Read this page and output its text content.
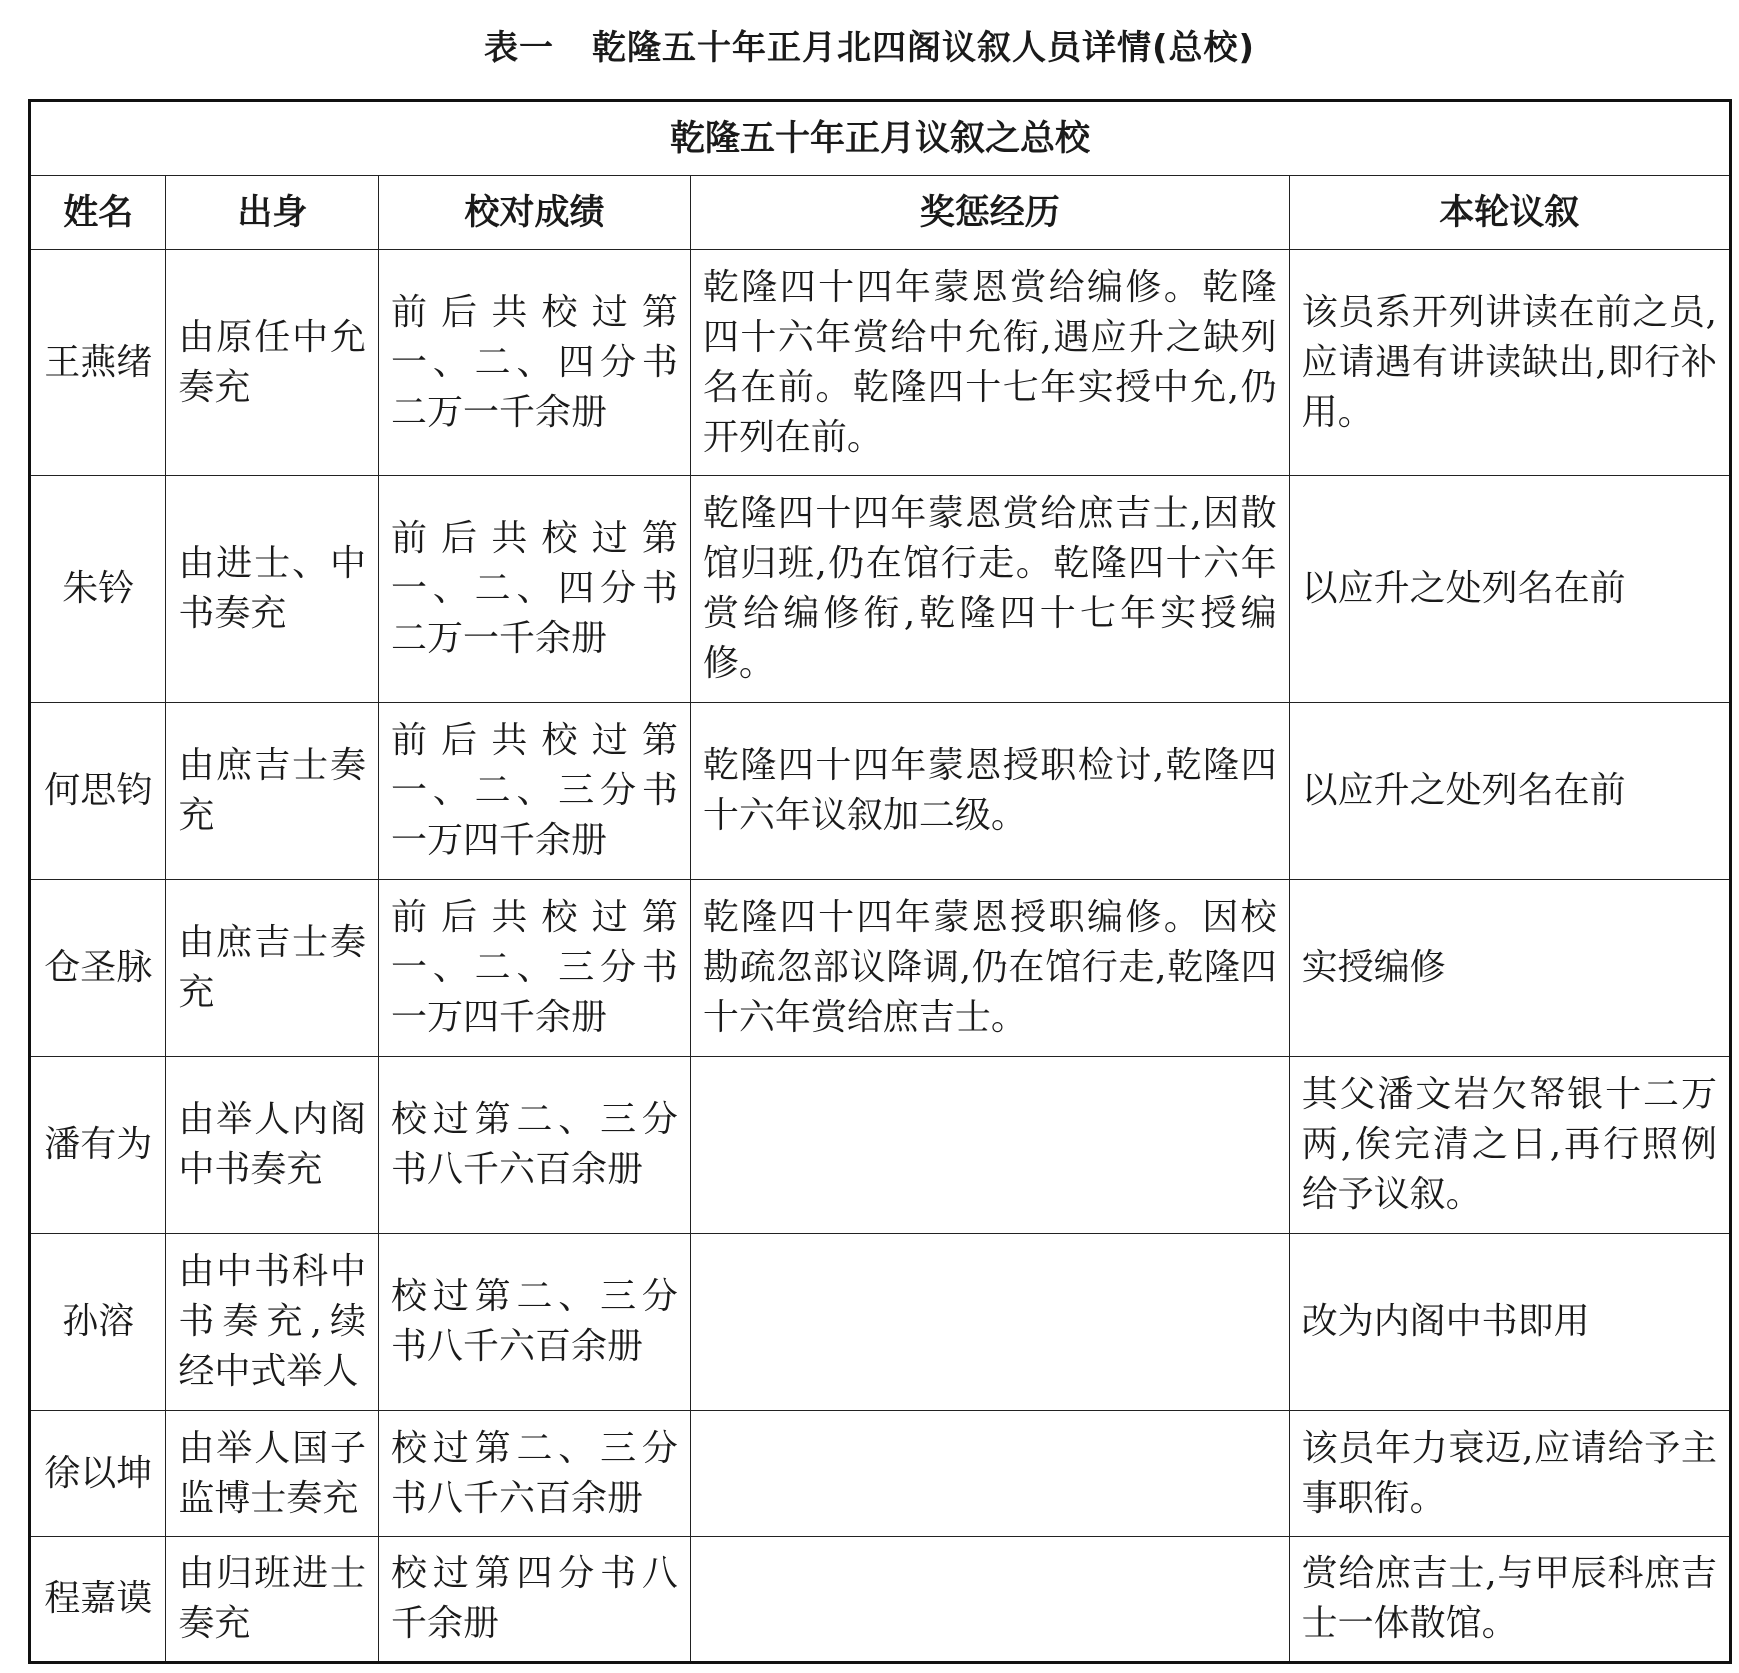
表一 乾隆五十年正月北四阁议叙人员详情(总校)
乾隆五十年正月议叙之总校				
姓名	出身	校对成绩	奖惩经历	本轮议叙
王燕绪	由原任中允奏充	前后共校过第一、二、四分书二万一千余册	乾隆四十四年蒙恩赏给编修。乾隆四十六年赏给中允衔,遇应升之缺列名在前。乾隆四十七年实授中允,仍开列在前。	该员系开列讲读在前之员,应请遇有讲读缺出,即行补用。
朱钤	由进士、中书奏充	前后共校过第一、二、四分书二万一千余册	乾隆四十四年蒙恩赏给庶吉士,因散馆归班,仍在馆行走。乾隆四十六年赏给编修衔,乾隆四十七年实授编修。	以应升之处列名在前
何思钧	由庶吉士奏充	前后共校过第一、二、三分书一万四千余册	乾隆四十四年蒙恩授职检讨,乾隆四十六年议叙加二级。	以应升之处列名在前
仓圣脉	由庶吉士奏充	前后共校过第一、二、三分书一万四千余册	乾隆四十四年蒙恩授职编修。因校勘疏忽部议降调,仍在馆行走,乾隆四十六年赏给庶吉士。	实授编修
潘有为	由举人内阁中书奏充	校过第二、三分书八千六百余册		其父潘文岩欠帑银十二万两,俟完清之日,再行照例给予议叙。
孙溶	由中书科中书奏充,续经中式举人	校过第二、三分书八千六百余册		改为内阁中书即用
徐以坤	由举人国子监博士奏充	校过第二、三分书八千六百余册		该员年力衰迈,应请给予主事职衔。
程嘉谟	由归班进士奏充	校过第四分书八千余册		赏给庶吉士,与甲辰科庶吉士一体散馆。
